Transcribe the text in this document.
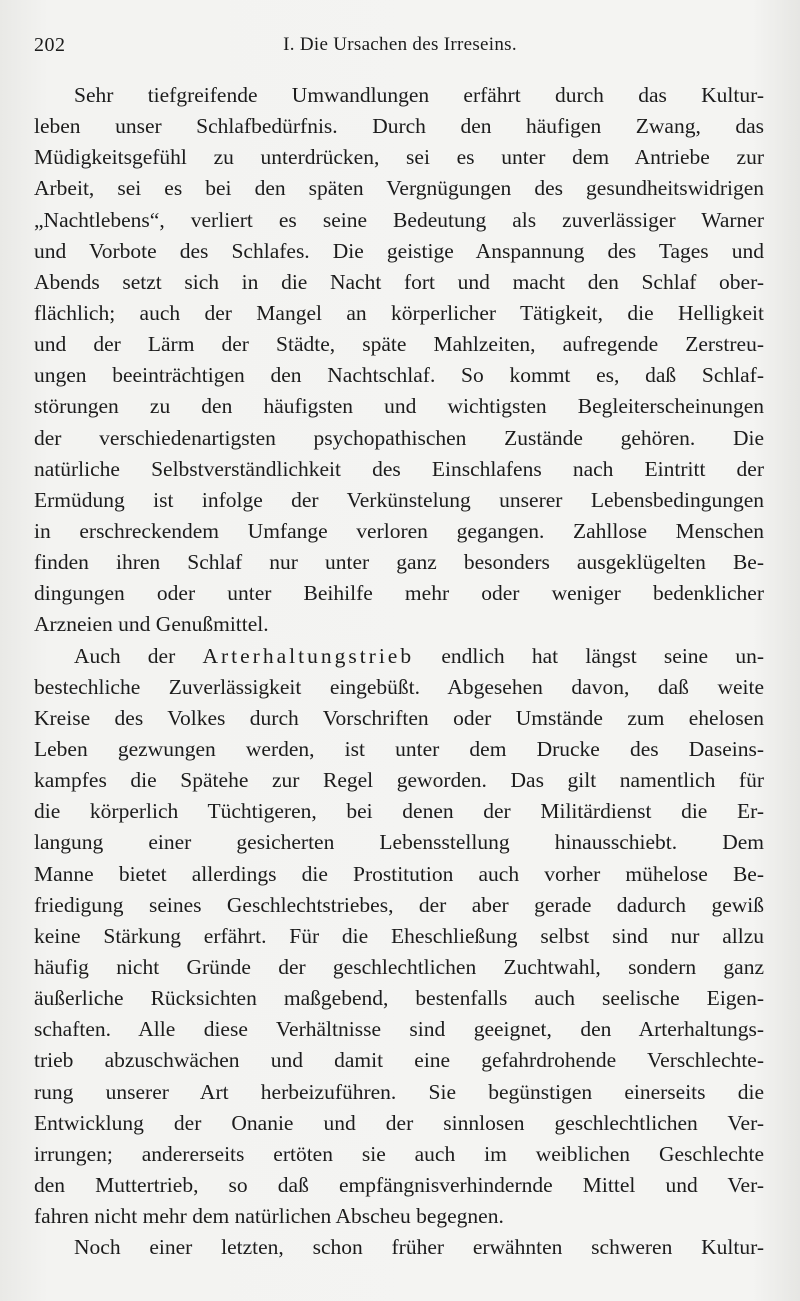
202	I. Die Ursachen des Irreseins.
Sehr tiefgreifende Umwandlungen erfährt durch das Kultur-
leben unser Schlafbedürfnis. Durch den häufigen Zwang, das
Müdigkeitsgefühl zu unterdrücken, sei es unter dem Antriebe zur
Arbeit, sei es bei den späten Vergnügungen des gesundheitswidrigen
„Nachtlebens“, verliert es seine Bedeutung als zuverlässiger Warner
und Vorbote des Schlafes. Die geistige Anspannung des Tages und
Abends setzt sich in die Nacht fort und macht den Schlaf ober-
flächlich; auch der Mangel an körperlicher Tätigkeit, die Helligkeit
und der Lärm der Städte, späte Mahlzeiten, aufregende Zerstreu-
ungen beeinträchtigen den Nachtschlaf. So kommt es, daß Schlaf-
störungen zu den häufigsten und wichtigsten Begleiterscheinungen
der verschiedenartigsten psychopathischen Zustände gehören. Die
natürliche Selbstverständlichkeit des Einschlafens nach Eintritt der
Ermüdung ist infolge der Verkünstelung unserer Lebensbedingungen
in erschreckendem Umfange verloren gegangen. Zahllose Menschen
finden ihren Schlaf nur unter ganz besonders ausgeklügelten Be-
dingungen oder unter Beihilfe mehr oder weniger bedenklicher
Arzneien und Genußmittel.
Auch der Arterhaltungstrieb endlich hat längst seine un-
bestechliche Zuverlässigkeit eingebüßt. Abgesehen davon, daß weite
Kreise des Volkes durch Vorschriften oder Umstände zum ehelosen
Leben gezwungen werden, ist unter dem Drucke des Daseins-
kampfes die Spätehe zur Regel geworden. Das gilt namentlich für
die körperlich Tüchtigeren, bei denen der Militärdienst die Er-
langung einer gesicherten Lebensstellung hinausschiebt. Dem
Manne bietet allerdings die Prostitution auch vorher mühelose Be-
friedigung seines Geschlechtstriebes, der aber gerade dadurch gewiß
keine Stärkung erfährt. Für die Eheschließung selbst sind nur allzu
häufig nicht Gründe der geschlechtlichen Zuchtwahl, sondern ganz
äußerliche Rücksichten maßgebend, bestenfalls auch seelische Eigen-
schaften. Alle diese Verhältnisse sind geeignet, den Arterhaltungs-
trieb abzuschwächen und damit eine gefahrdrohende Verschlechte-
rung unserer Art herbeizuführen. Sie begünstigen einerseits die
Entwicklung der Onanie und der sinnlosen geschlechtlichen Ver-
irrungen; andererseits ertöten sie auch im weiblichen Geschlechte
den Muttertrieb, so daß empfängnisverhindernde Mittel und Ver-
fahren nicht mehr dem natürlichen Abscheu begegnen.
Noch einer letzten, schon früher erwähnten schweren Kultur-
